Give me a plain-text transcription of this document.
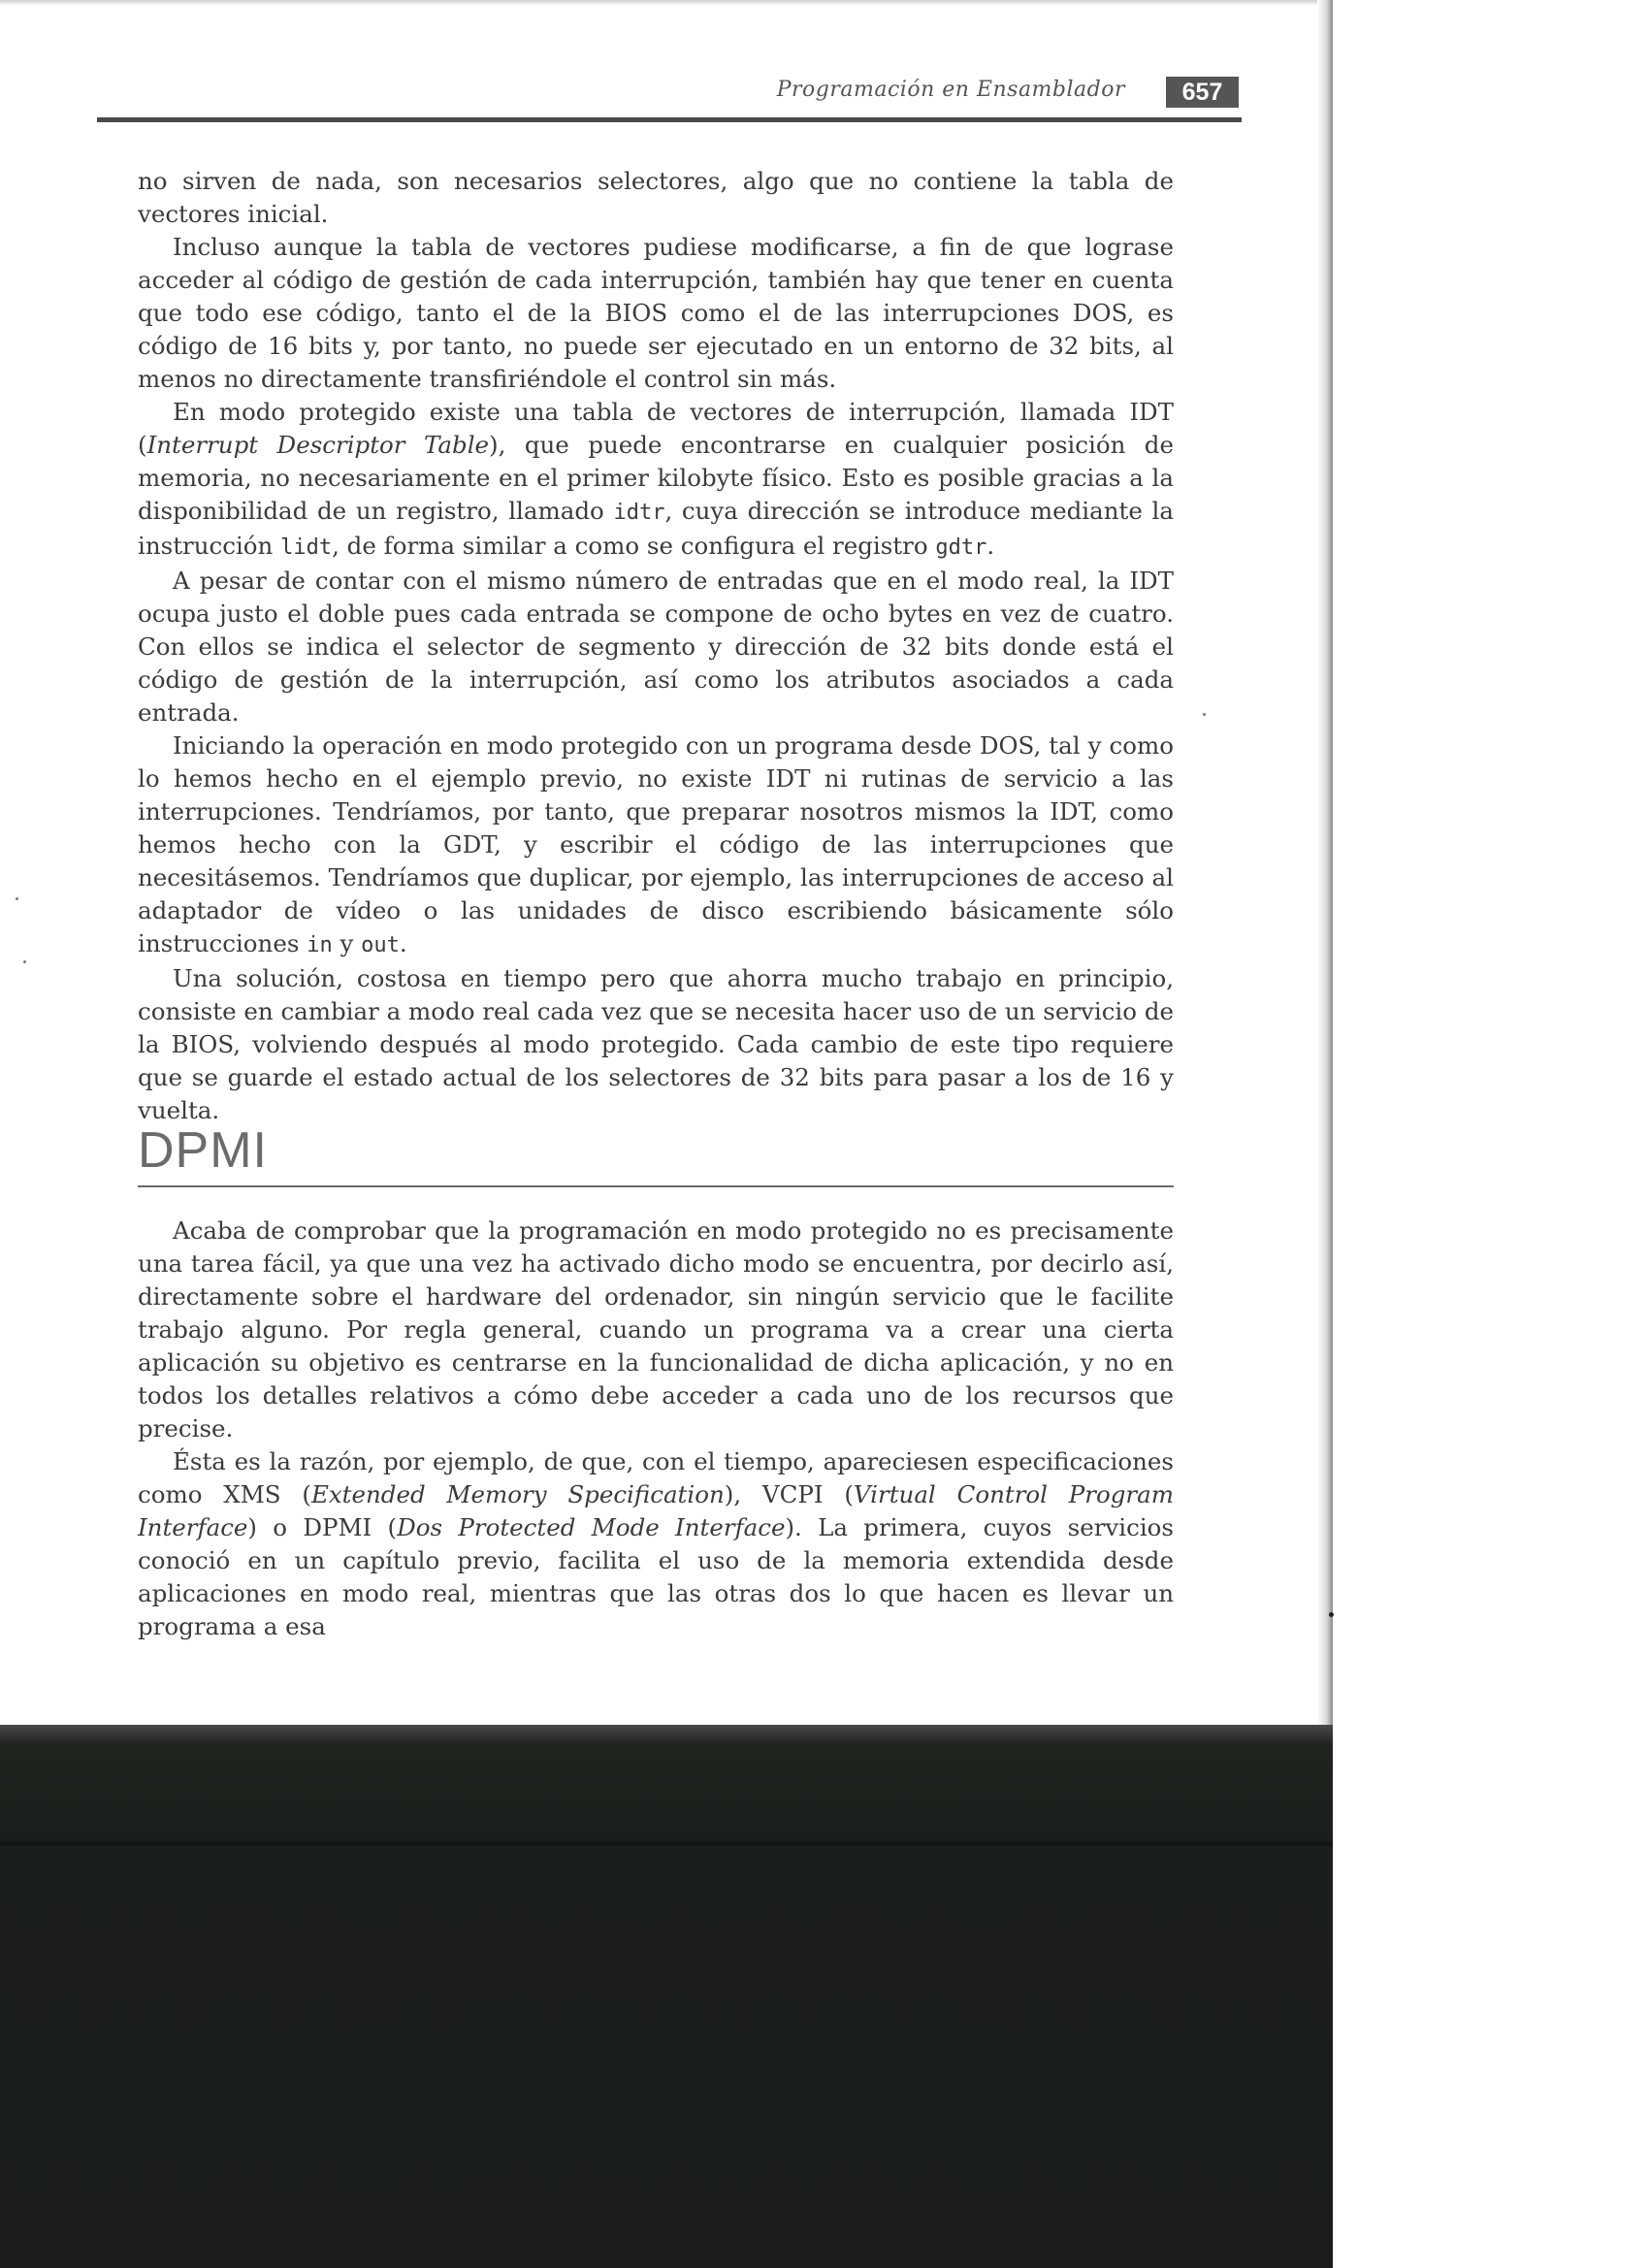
Programación en Ensamblador	657

no sirven de nada, son necesarios selectores, algo que no contiene la tabla de vectores inicial.

Incluso aunque la tabla de vectores pudiese modificarse, a fin de que lograse acceder al código de gestión de cada interrupción, también hay que tener en cuenta que todo ese código, tanto el de la BIOS como el de las interrupciones DOS, es código de 16 bits y, por tanto, no puede ser ejecutado en un entorno de 32 bits, al menos no directamente transfiriéndole el control sin más.

En modo protegido existe una tabla de vectores de interrupción, llamada IDT (Interrupt Descriptor Table), que puede encontrarse en cualquier posición de memoria, no necesariamente en el primer kilobyte físico. Esto es posible gracias a la disponibilidad de un registro, llamado idtr, cuya dirección se introduce mediante la instrucción lidt, de forma similar a como se configura el registro gdtr.

A pesar de contar con el mismo número de entradas que en el modo real, la IDT ocupa justo el doble pues cada entrada se compone de ocho bytes en vez de cuatro. Con ellos se indica el selector de segmento y dirección de 32 bits donde está el código de gestión de la interrupción, así como los atributos asociados a cada entrada.

Iniciando la operación en modo protegido con un programa desde DOS, tal y como lo hemos hecho en el ejemplo previo, no existe IDT ni rutinas de servicio a las interrupciones. Tendríamos, por tanto, que preparar nosotros mismos la IDT, como hemos hecho con la GDT, y escribir el código de las interrupciones que necesitásemos. Tendríamos que duplicar, por ejemplo, las interrupciones de acceso al adaptador de vídeo o las unidades de disco escribiendo básicamente sólo instrucciones in y out.

Una solución, costosa en tiempo pero que ahorra mucho trabajo en principio, consiste en cambiar a modo real cada vez que se necesita hacer uso de un servicio de la BIOS, volviendo después al modo protegido. Cada cambio de este tipo requiere que se guarde el estado actual de los selectores de 32 bits para pasar a los de 16 y vuelta.

DPMI

Acaba de comprobar que la programación en modo protegido no es precisamente una tarea fácil, ya que una vez ha activado dicho modo se encuentra, por decirlo así, directamente sobre el hardware del ordenador, sin ningún servicio que le facilite trabajo alguno. Por regla general, cuando un programa va a crear una cierta aplicación su objetivo es centrarse en la funcionalidad de dicha aplicación, y no en todos los detalles relativos a cómo debe acceder a cada uno de los recursos que precise.

Ésta es la razón, por ejemplo, de que, con el tiempo, apareciesen especificaciones como XMS (Extended Memory Specification), VCPI (Virtual Control Program Interface) o DPMI (Dos Protected Mode Interface). La primera, cuyos servicios conoció en un capítulo previo, facilita el uso de la memoria extendida desde aplicaciones en modo real, mientras que las otras dos lo que hacen es llevar un programa a esa
